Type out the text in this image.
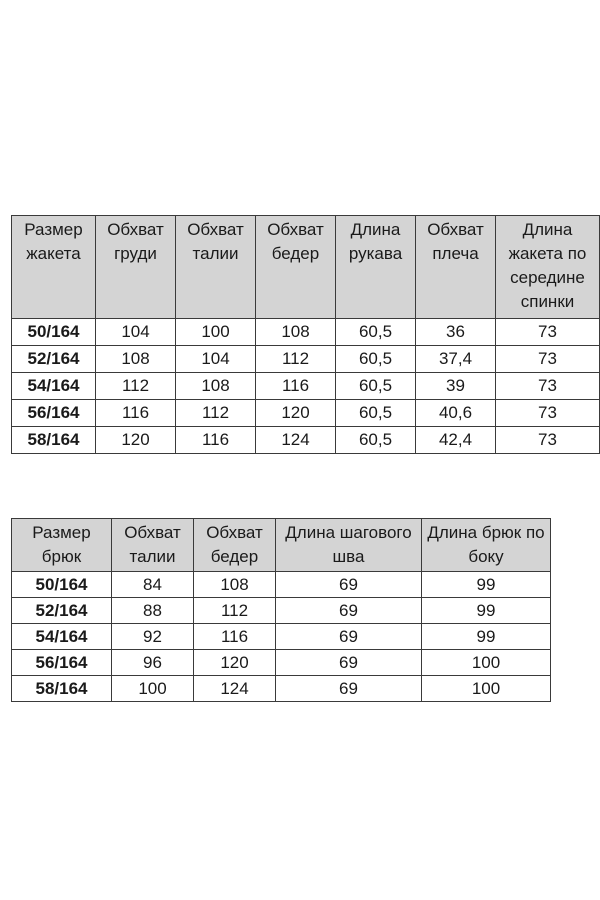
Размер жакета	Обхват груди	Обхват талии	Обхват бедер	Длина рукава	Обхват плеча	Длина жакета по середине спинки
50/164	104	100	108	60,5	36	73
52/164	108	104	112	60,5	37,4	73
54/164	112	108	116	60,5	39	73
56/164	116	112	120	60,5	40,6	73
58/164	120	116	124	60,5	42,4	73
Размер брюк	Обхват талии	Обхват бедер	Длина шагового шва	Длина брюк по боку
50/164	84	108	69	99
52/164	88	112	69	99
54/164	92	116	69	99
56/164	96	120	69	100
58/164	100	124	69	100
